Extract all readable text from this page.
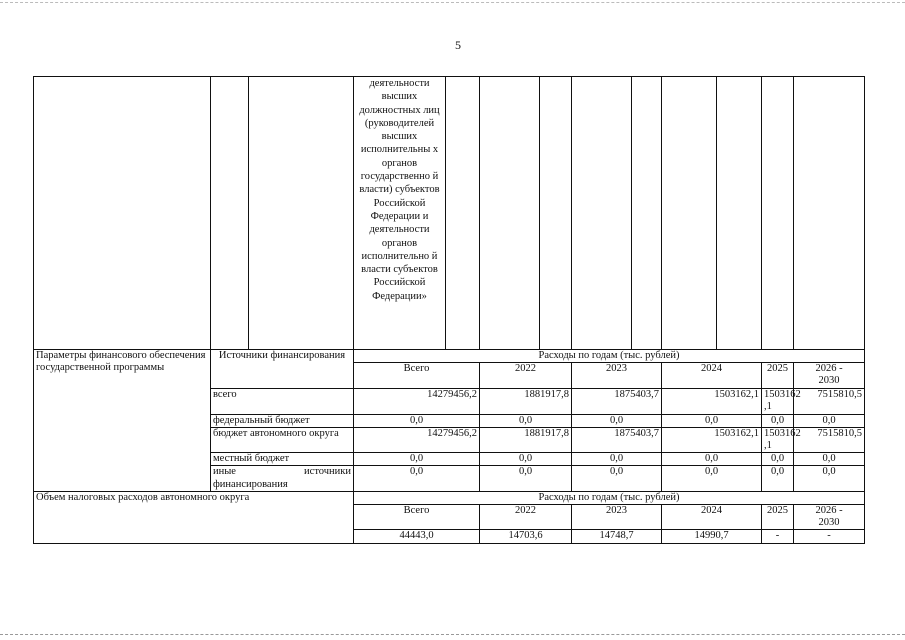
5
			деятельности высших должностных лиц (руководителей высших исполнительны х органов государственно й власти) субъектов Российской Федерации и деятельности органов исполнительно й власти субъектов Российской Федерации»									
Параметры финансового обеспечения государственной программы	Источники финансирования		Расходы по годам (тыс. рублей)									
			Всего		2022		2023		2024		2025	2026 - 2030
	всего		14279456,2		1881917,8		1875403,7		1503162,1		1503162 ,1	7515810,5
	федеральный бюджет		0,0		0,0		0,0		0,0		0,0	0,0
	бюджет автономного округа		14279456,2		1881917,8		1875403,7		1503162,1		1503162 ,1	7515810,5
	местный бюджет		0,0		0,0		0,0		0,0		0,0	0,0
	иные источники финансирования		0,0		0,0		0,0		0,0		0,0	0,0
Объем налоговых расходов автономного округа			Расходы по годам (тыс. рублей)									
			Всего		2022		2023		2024		2025	2026 - 2030
			44443,0		14703,6		14748,7		14990,7		-	-
